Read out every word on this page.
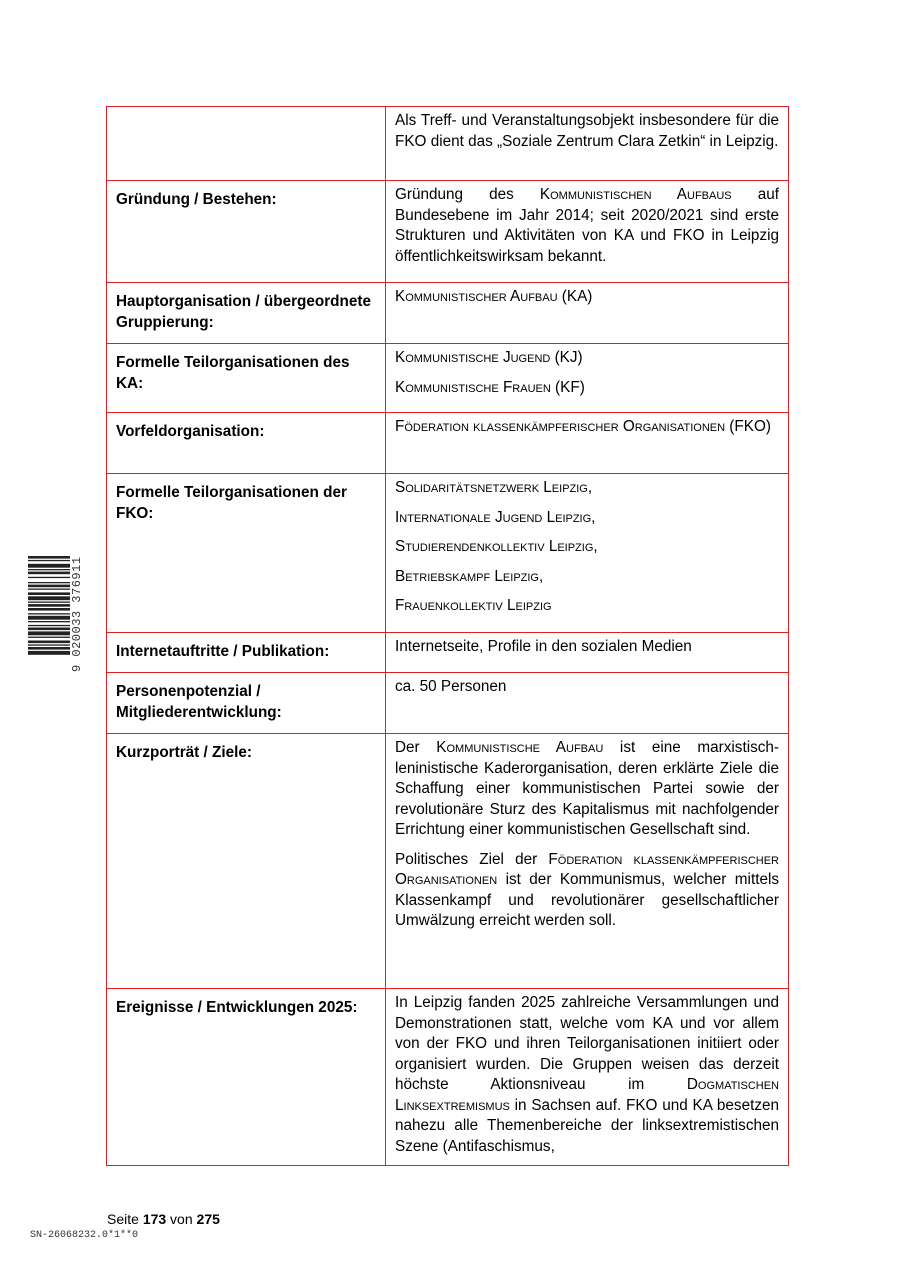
9 020033 376911
	Als Treff- und Veranstaltungsobjekt insbesondere für die FKO dient das „Soziale Zentrum Clara Zetkin“ in Leipzig.
Gründung / Bestehen:	Gründung des Kommunistischen Aufbaus auf Bundesebene im Jahr 2014; seit 2020/2021 sind erste Strukturen und Aktivitäten von KA und FKO in Leipzig öffentlichkeitswirksam bekannt.
Hauptorganisation / übergeordnete Gruppierung:	Kommunistischer Aufbau (KA)
Formelle Teilorganisationen des KA:	Kommunistische Jugend (KJ)
Kommunistische Frauen (KF)

Vorfeldorganisation:	Föderation klassenkämpferischer Organisationen (FKO)
Formelle Teilorganisationen der FKO:	Solidaritätsnetzwerk Leipzig,
Internationale Jugend Leipzig,
Studierendenkollektiv Leipzig,
Betriebskampf Leipzig,
Frauenkollektiv Leipzig

Internetauftritte / Publikation:	Internetseite, Profile in den sozialen Medien
Personenpotenzial / Mitgliederentwicklung:	ca. 50 Personen
Kurzporträt / Ziele:	Der Kommunistische Aufbau ist eine marxistisch-leninistische Kaderorganisation, deren erklärte Ziele die Schaffung einer kommunistischen Partei sowie der revolutionäre Sturz des Kapitalismus mit nachfolgender Errichtung einer kommunistischen Gesellschaft sind.

Politisches Ziel der Föderation klassenkämpferischer Organisationen ist der Kommunismus, welcher mittels Klassenkampf und revolutionärer gesellschaftlicher Umwälzung erreicht werden soll.

Ereignisse / Entwicklungen 2025:	In Leipzig fanden 2025 zahlreiche Versammlungen und Demonstrationen statt, welche vom KA und vor allem von der FKO und ihren Teilorganisationen initiiert oder organisiert wurden. Die Gruppen weisen das derzeit höchste Aktionsniveau im Dogmatischen Linksextremismus in Sachsen auf. FKO und KA besetzen nahezu alle Themenbereiche der linksextremistischen Szene (Antifaschismus,
Seite 173 von 275
SN-26068232.0*1**0
